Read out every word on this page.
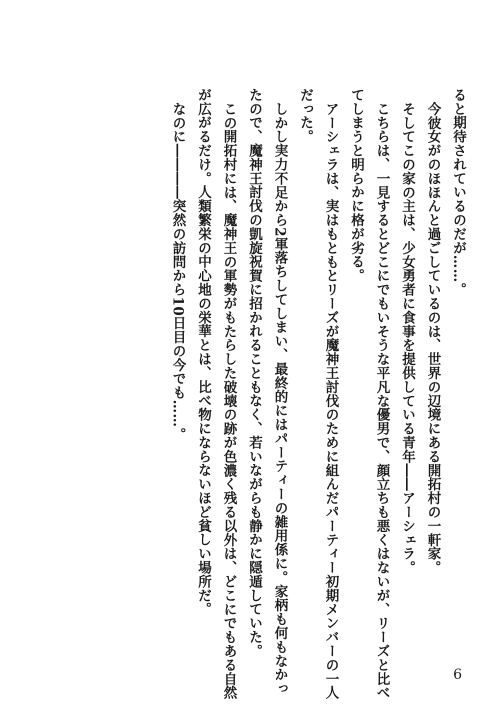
ると期待されているのだが……。
今彼女がのほほんと過ごしているのは、世界の辺境にある開拓村の一軒家。
そしてこの家の主は、少女勇者に食事を提供している青年――アーシェラ。
こちらは、一見するとどこにでもいそうな平凡な優男で、顔立ちも悪くはないが、リーズと比べ
てしまうと明らかに格が劣る。
アーシェラは、実はもともとリーズが魔神王討伐のために組んだパーティー初期メンバーの一人
だった。
しかし実力不足から2軍落ちしてしまい、最終的にはパーティーの雑用係に。家柄も何もなかっ
たので、魔神王討伐の凱旋祝賀に招かれることもなく、若いながらも静かに隠遁していた。
この開拓村には、魔神王の軍勢がもたらした破壊の跡が色濃く残る以外は、どこにでもある自然
が広がるだけ。人類繁栄の中心地の栄華とは、比べ物にならないほど貧しい場所だ。
なのに――――突然の訪問から10日目の今でも……。
6
